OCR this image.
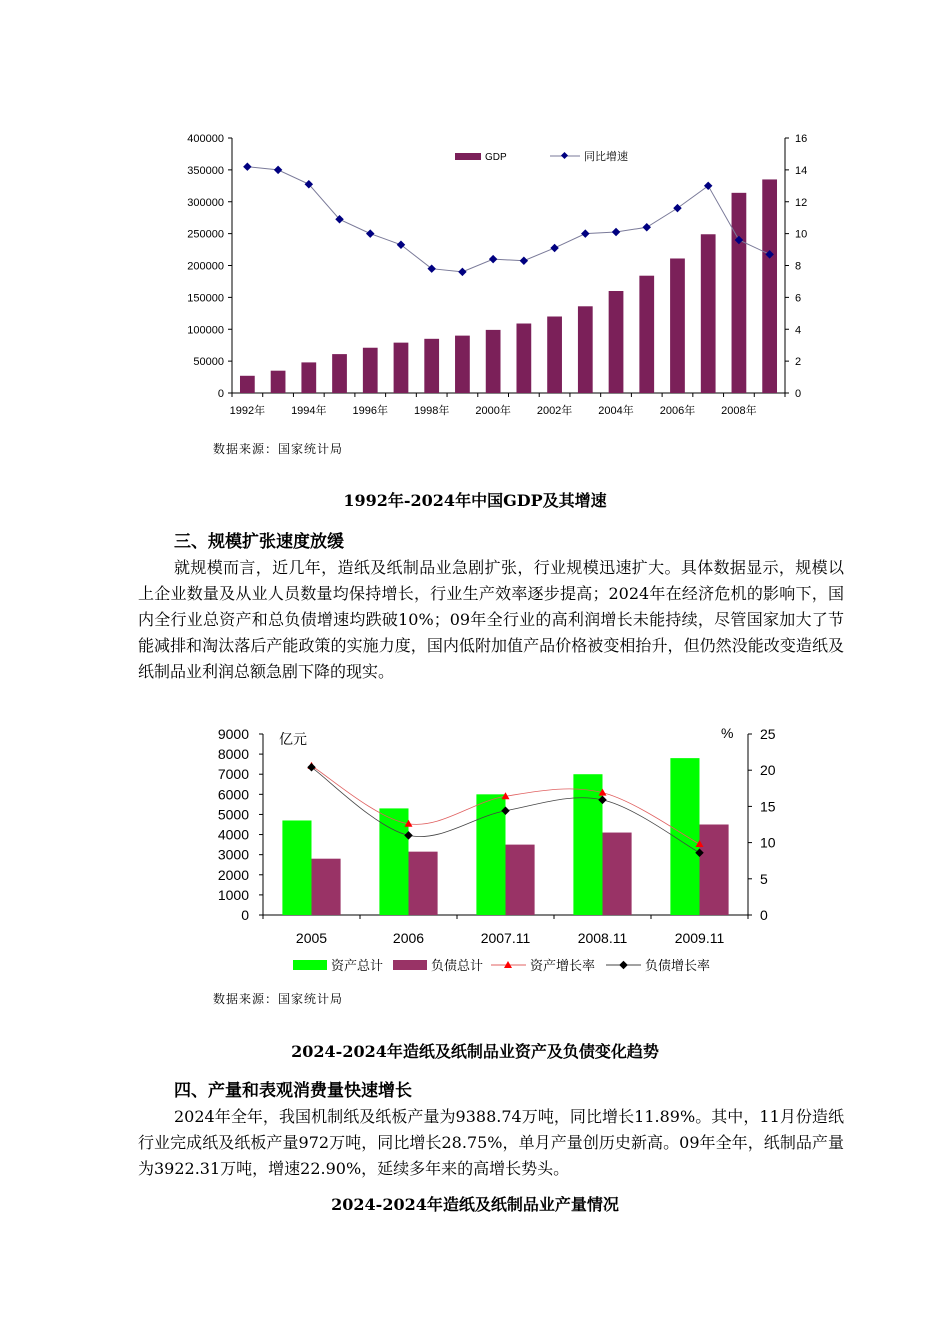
0
50000
100000
150000
200000
250000
300000
350000
400000
0
2
4
6
8
10
12
14
16
1992年 1994年 1996年 1998年 2000年 2002年 2004年 2006年 2008年
GDP	同比增速
数据来源：国家统计局
1992年-2024年中国GDP及其增速
三、规模扩张速度放缓

就规模而言，近几年，造纸及纸制品业急剧扩张，行业规模迅速扩大。具体数据显示，规模以上企业数量及从业人员数量均保持增长，行业生产效率逐步提高；2024年在经济危机的影响下，国内全行业总资产和总负债增速均跌破10%；09年全行业的高利润增长未能持续，尽管国家加大了节能减排和淘汰落后产能政策的实施力度，国内低附加值产品价格被变相抬升，但仍然没能改变造纸及纸制品业利润总额急剧下降的现实。

0
1000
2000
3000
4000
5000
6000
7000
8000
9000
0
5
10
15
20
25
亿元	%
2005	2006	2007.11	2008.11	2009.11
资产总计	负债总计	资产增长率	负债增长率
数据来源：国家统计局
2024-2024年造纸及纸制品业资产及负债变化趋势
四、产量和表观消费量快速增长

2024年全年，我国机制纸及纸板产量为9388.74万吨，同比增长11.89%。其中，11月份造纸行业完成纸及纸板产量972万吨，同比增长28.75%，单月产量创历史新高。09年全年，纸制品产量为3922.31万吨，增速22.90%，延续多年来的高增长势头。

2024-2024年造纸及纸制品业产量情况
